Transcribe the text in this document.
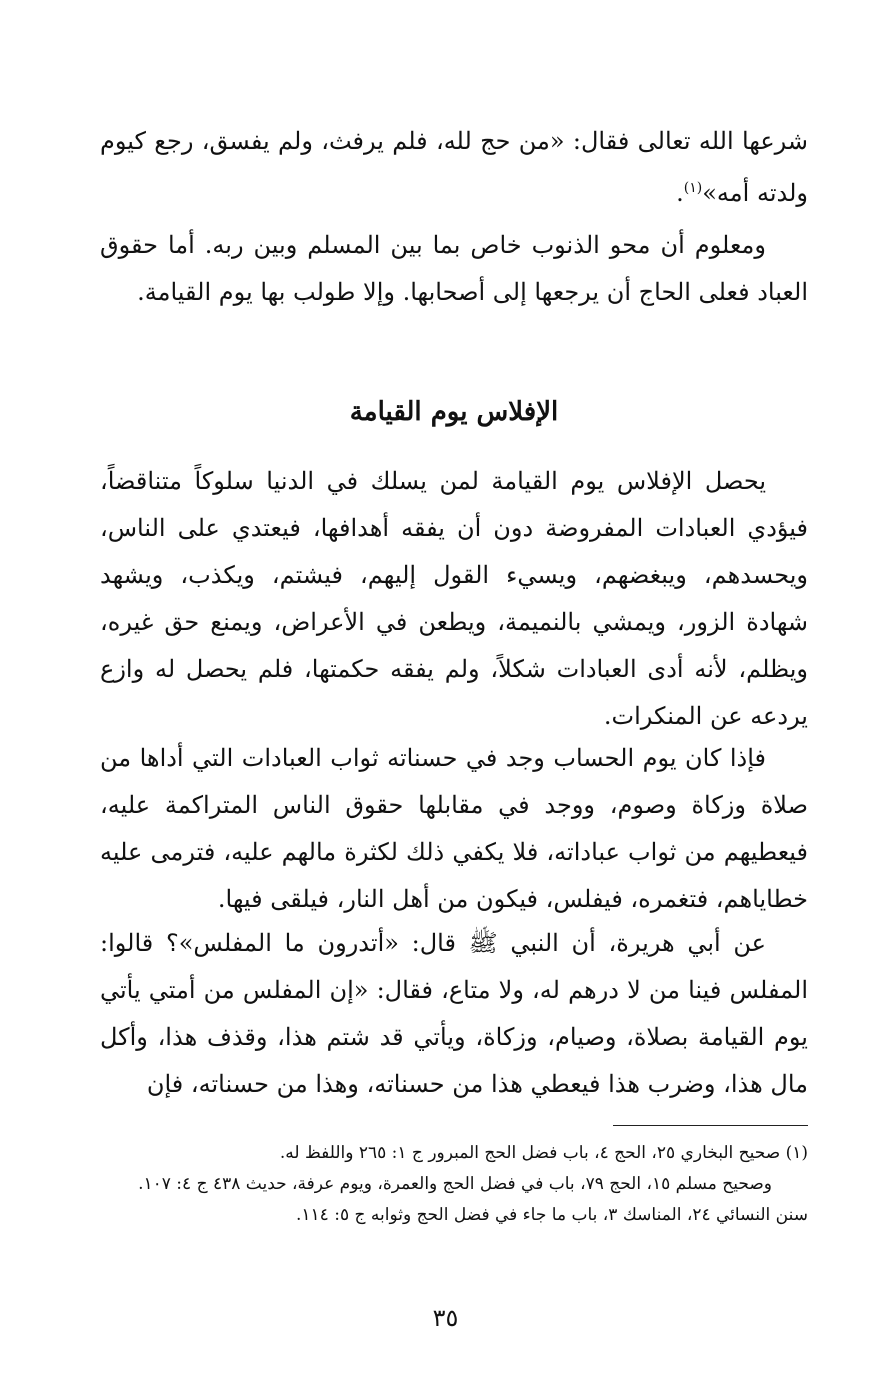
شرعها الله تعالى فقال: «من حج لله، فلم يرفث، ولم يفسق، رجع كيوم ولدته أمه»$^{(١)}$.

ومعلوم أن محو الذنوب خاص بما بين المسلم وبين ربه. أما حقوق العباد فعلى الحاج أن يرجعها إلى أصحابها. وإلا طولب بها يوم القيامة.

الإفلاس يوم القيامة

يحصل الإفلاس يوم القيامة لمن يسلك في الدنيا سلوكاً متناقضاً، فيؤدي العبادات المفروضة دون أن يفقه أهدافها، فيعتدي على الناس، ويحسدهم، ويبغضهم، ويسيء القول إليهم، فيشتم، ويكذب، ويشهد شهادة الزور، ويمشي بالنميمة، ويطعن في الأعراض، ويمنع حق غيره، ويظلم، لأنه أدى العبادات شكلاً، ولم يفقه حكمتها، فلم يحصل له وازع يردعه عن المنكرات.

فإذا كان يوم الحساب وجد في حسناته ثواب العبادات التي أداها من صلاة وزكاة وصوم، ووجد في مقابلها حقوق الناس المتراكمة عليه، فيعطيهم من ثواب عباداته، فلا يكفي ذلك لكثرة مالهم عليه، فترمى عليه خطاياهم، فتغمره، فيفلس، فيكون من أهل النار، فيلقى فيها.

عن أبي هريرة، أن النبي ﷺ قال: «أتدرون ما المفلس»؟ قالوا: المفلس فينا من لا درهم له، ولا متاع، فقال: «إن المفلس من أمتي يأتي يوم القيامة بصلاة، وصيام، وزكاة، ويأتي قد شتم هذا، وقذف هذا، وأكل مال هذا، وضرب هذا فيعطي هذا من حسناته، وهذا من حسناته، فإن

(١) صحيح البخاري ٢٥، الحج ٤، باب فضل الحج المبرور ج ١: ٢٦٥ واللفظ له.

وصحيح مسلم ١٥، الحج ٧٩، باب في فضل الحج والعمرة، ويوم عرفة، حديث ٤٣٨ ج ٤: ١٠٧.

سنن النسائي ٢٤، المناسك ٣، باب ما جاء في فضل الحج وثوابه ج ٥: ١١٤.

٣٥
